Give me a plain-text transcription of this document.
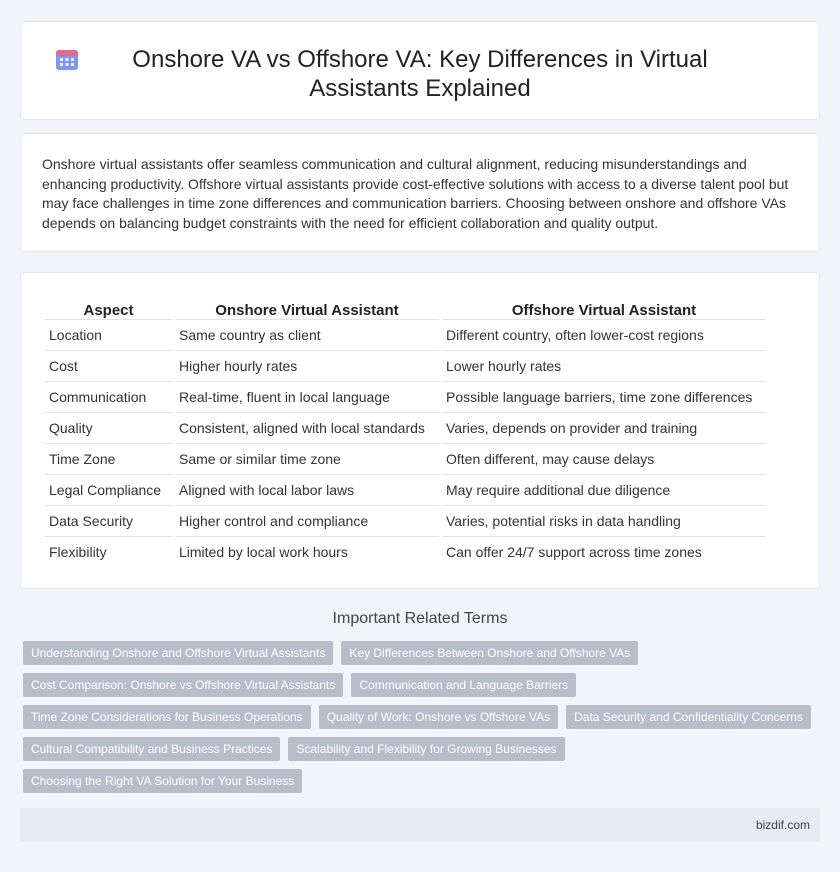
Onshore VA vs Offshore VA: Key Differences in Virtual Assistants Explained

Onshore virtual assistants offer seamless communication and cultural alignment, reducing misunderstandings and enhancing productivity. Offshore virtual assistants provide cost-effective solutions with access to a diverse talent pool but may face challenges in time zone differences and communication barriers. Choosing between onshore and offshore VAs depends on balancing budget constraints with the need for efficient collaboration and quality output.

Aspect	Onshore Virtual Assistant	Offshore Virtual Assistant
Location	Same country as client	Different country, often lower-cost regions
Cost	Higher hourly rates	Lower hourly rates
Communication	Real-time, fluent in local language	Possible language barriers, time zone differences
Quality	Consistent, aligned with local standards	Varies, depends on provider and training
Time Zone	Same or similar time zone	Often different, may cause delays
Legal Compliance	Aligned with local labor laws	May require additional due diligence
Data Security	Higher control and compliance	Varies, potential risks in data handling
Flexibility	Limited by local work hours	Can offer 24/7 support across time zones
Important Related Terms
Understanding Onshore and Offshore Virtual Assistants	Key Differences Between Onshore and Offshore VAs
Cost Comparison: Onshore vs Offshore Virtual Assistants	Communication and Language Barriers
Time Zone Considerations for Business Operations	Quality of Work: Onshore vs Offshore VAs	Data Security and Confidentiality Concerns
Cultural Compatibility and Business Practices	Scalability and Flexibility for Growing Businesses
Choosing the Right VA Solution for Your Business
bizdif.com
